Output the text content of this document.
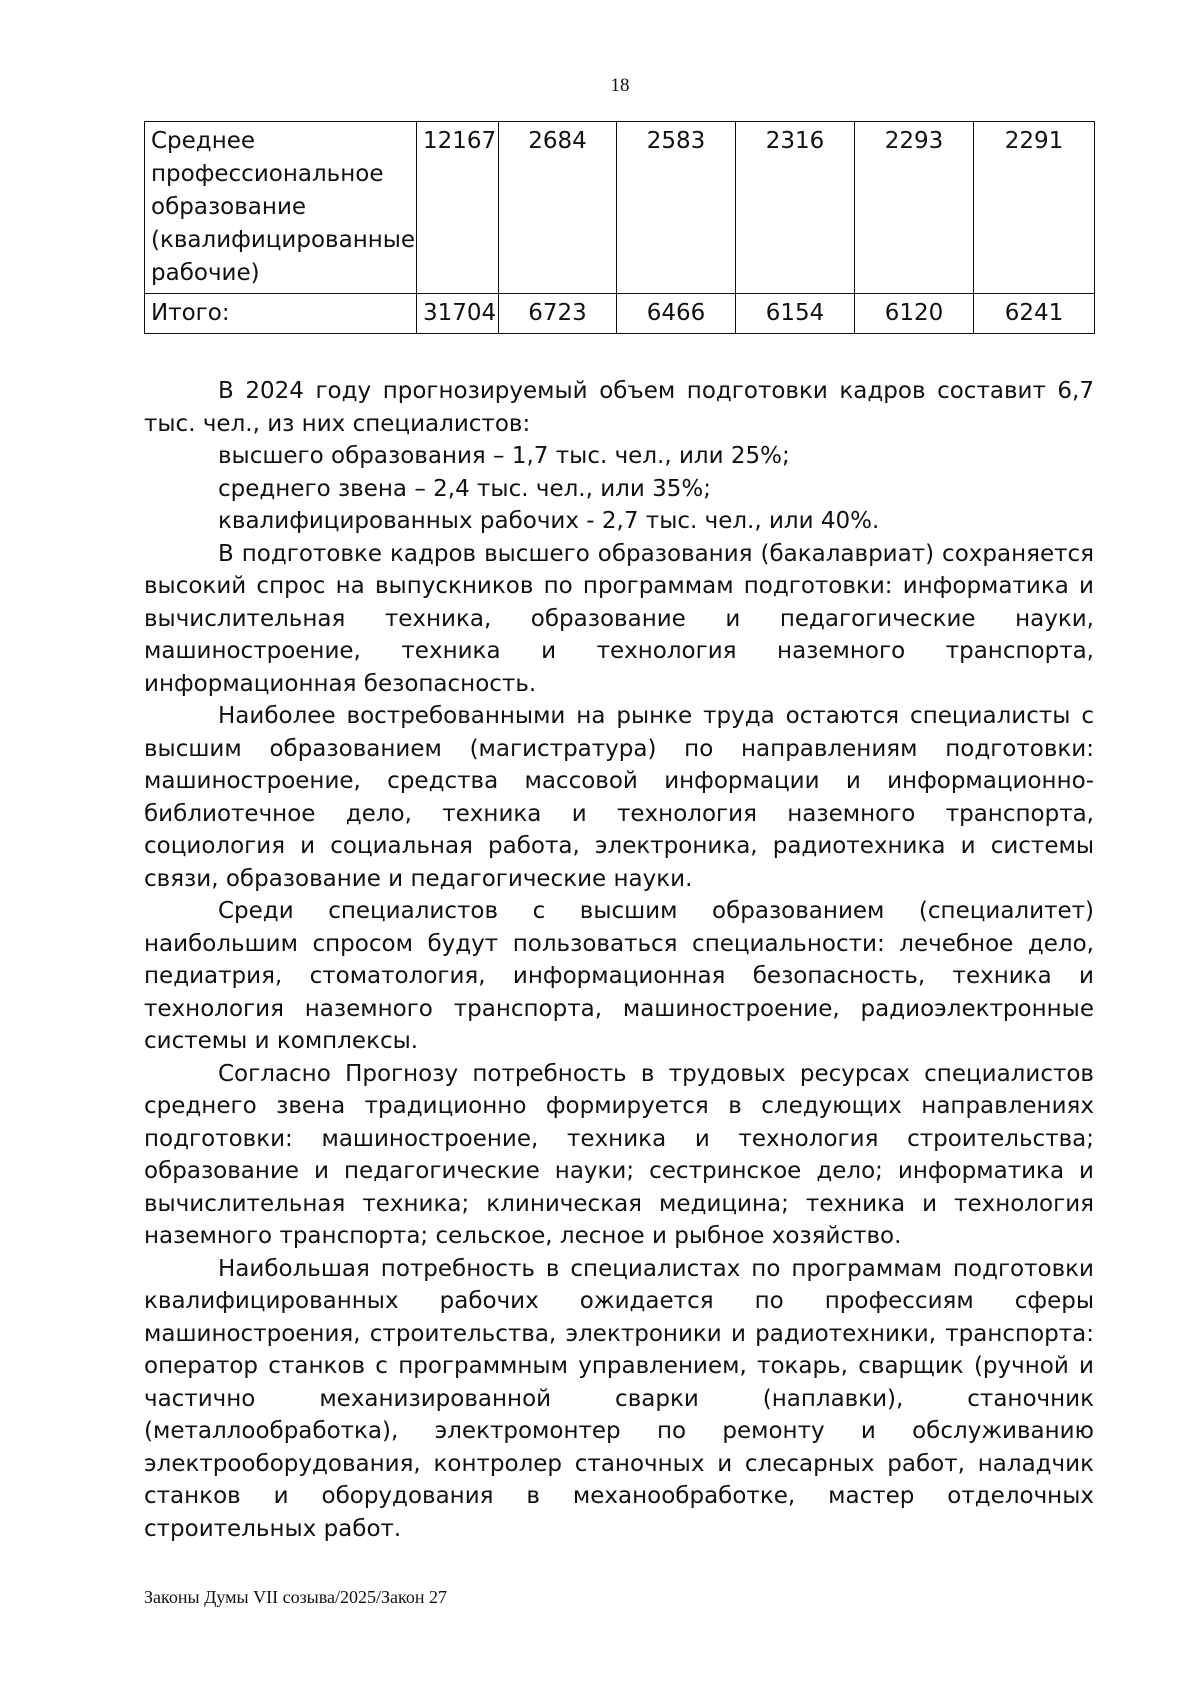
18
Среднее профессиональное образование (квалифицированные рабочие)	12167	2684	2583	2316	2293	2291
Итого:	31704	6723	6466	6154	6120	6241

В 2024 году прогнозируемый объем подготовки кадров составит 6,7 тыс. чел., из них специалистов:

высшего образования – 1,7 тыс. чел., или 25%;

среднего звена – 2,4 тыс. чел., или 35%;

квалифицированных рабочих - 2,7 тыс. чел., или 40%.

В подготовке кадров высшего образования (бакалавриат) сохраняется высокий спрос на выпускников по программам подготовки: информатика и вычислительная техника, образование и педагогические науки, машиностроение, техника и технология наземного транспорта, информационная безопасность.

Наиболее востребованными на рынке труда остаются специалисты с высшим образованием (магистратура) по направлениям подготовки: машиностроение, средства массовой информации и информационно-библиотечное дело, техника и технология наземного транспорта, социология и социальная работа, электроника, радиотехника и системы связи, образование и педагогические науки.

Среди специалистов с высшим образованием (специалитет) наибольшим спросом будут пользоваться специальности: лечебное дело, педиатрия, стоматология, информационная безопасность, техника и технология наземного транспорта, машиностроение, радиоэлектронные системы и комплексы.

Согласно Прогнозу потребность в трудовых ресурсах специалистов среднего звена традиционно формируется в следующих направлениях подготовки: машиностроение, техника и технология строительства; образование и педагогические науки; сестринское дело; информатика и вычислительная техника; клиническая медицина; техника и технология наземного транспорта; сельское, лесное и рыбное хозяйство.

Наибольшая потребность в специалистах по программам подготовки квалифицированных рабочих ожидается по профессиям сферы машиностроения, строительства, электроники и радиотехники, транспорта: оператор станков с программным управлением, токарь, сварщик (ручной и частично механизированной сварки (наплавки), станочник (металлообработка), электромонтер по ремонту и обслуживанию электрооборудования, контролер станочных и слесарных работ, наладчик станков и оборудования в механообработке, мастер отделочных строительных работ.

Законы Думы VII созыва/2025/Закон 27
